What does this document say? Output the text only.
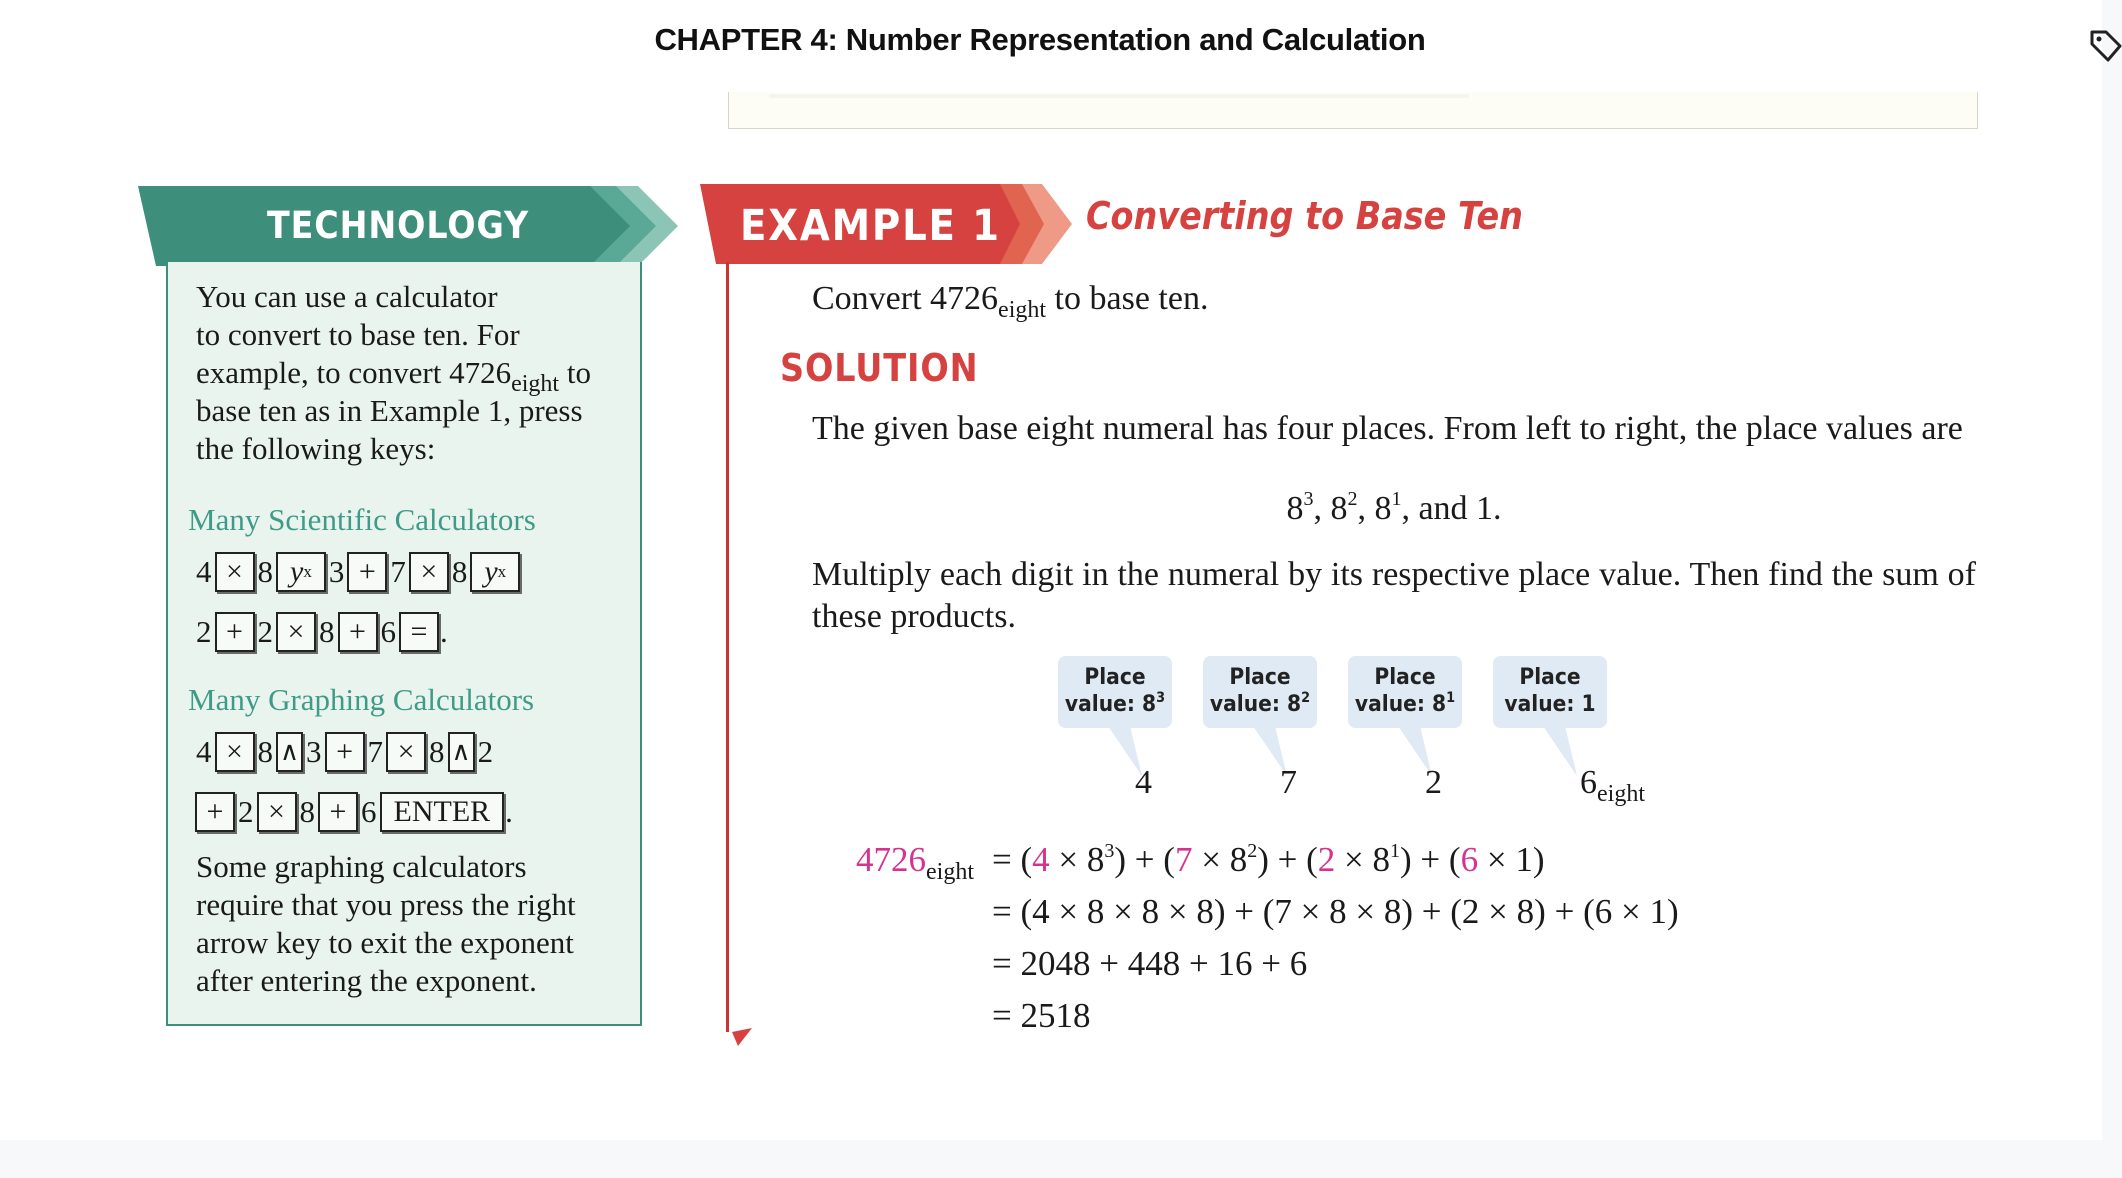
CHAPTER 4: Number Representation and Calculation
TECHNOLOGY
You can use a calculator
to convert to base ten. For
example, to convert $4726_{eight}$ to
base ten as in Example 1, press
the following keys:
Many Scientific Calculators
4 × 8 y x 3 + 7 × 8 y x
2 + 2 × 8 + 6 = .
Many Graphing Calculators
4 × 8 ∧ 3 + 7 × 8 ∧ 2
+ 2 × 8 + 6 ENTER .
Some graphing calculators
require that you press the right
arrow key to exit the exponent
after entering the exponent.
EXAMPLE 1 Converting to Base Ten
Convert $4726_{eight}$ to base ten.
SOLUTION
The given base eight numeral has four places. From left to right, the place values are
$8^3$, $8^2$, $8^1$, and 1.
Multiply each digit in the numeral by its respective place value. Then find the sum of these products.
Place
value: $8^3$
Place
value: $8^2$
Place
value: $8^1$
Place
value: 1
4	7	2	$6_{eight}$
$4726_{eight} = (4 \times 8^3) + (7 \times 8^2) + (2 \times 8^1) + (6 \times 1)$
= (4 × 8 × 8 × 8) + (7 × 8 × 8) + (2 × 8) + (6 × 1)
= 2048 + 448 + 16 + 6
= 2518
